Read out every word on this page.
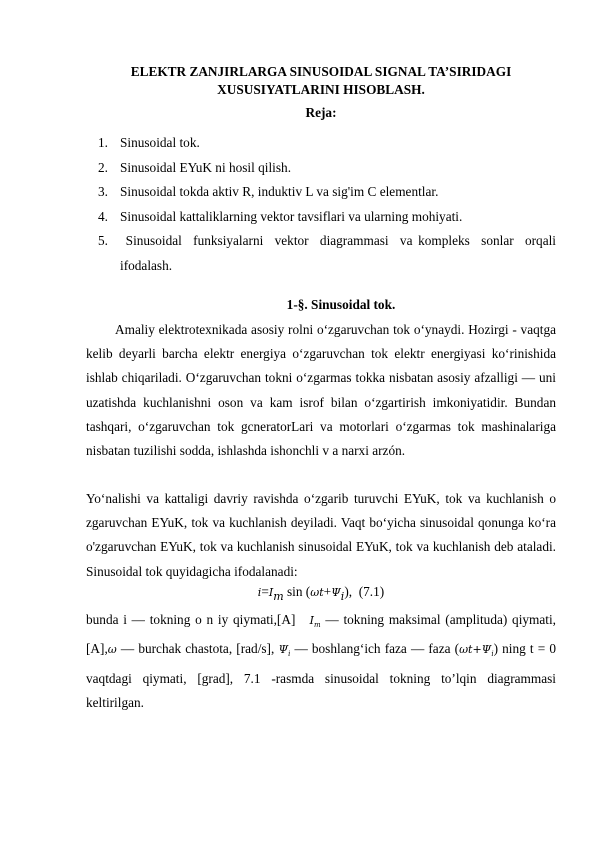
ELEKTR ZANJIRLARGA SINUSOIDAL SIGNAL TA’SIRIDAGI
XUSUSIYATLARINI HISOBLASH.
Reja:
1. Sinusoidal tok.
2. Sinusoidal EYuK ni hosil qilish.
3. Sinusoidal tokda aktiv R, induktiv L va sig'im C elementlar.
4. Sinusoidal kattaliklarning vektor tavsiflari va ularning mohiyati.
5. Sinusoidal  funksiyalarni  vektor  diagrammasi  va kompleks  sonlar  orqali
ifodalash.
1-§. Sinusoidal tok.

Amaliy elektrotexnikada asosiy rolni o‘zgaruvchan tok o‘ynaydi. Hozirgi - vaqtga kelib deyarli barcha elektr energiya o‘zgaruvchan tok elektr energiyasi ko‘rinishida ishlab chiqariladi. O‘zgaruvchan tokni o‘zgarmas tokka nisbatan asosiy afzalligi — uni uzatishda kuchlanishni oson va kam isrof bilan o‘zgartirish imkoniyatidir. Bundan tashqari, o‘zgaruvchan tok gcneratorLari va motorlari o‘zgarmas tok mashinalariga nisbatan tuzilishi sodda, ishlashda ishonchli v a narxi arzón.

Yo‘nalishi va kattaligi davriy ravishda o‘zgarib turuvchi EYuK, tok va kuchlanish o zgaruvchan EYuK, tok va kuchlanish deyiladi. Vaqt bo‘yicha sinusoidal qonunga ko‘ra o'zgaruvchan EYuK, tok va kuchlanish sinusoidal EYuK, tok va kuchlanish deb ataladi. Sinusoidal tok quyidagicha ifodalanadi:

$i=I_m$ $\sin (\omega t+\Psi_i)$,  (7.1)

bunda i — tokning o n iy qiymati,[A] $I_m$ — tokning maksimal (amplituda) qiymati, [A],ω — burchak chastota, [rad/s], $\Psi_i$ — boshlang‘ich faza — faza $(\omega t+\Psi_i)$ ning t = 0 vaqtdagi qiymati, [grad], 7.1 -rasmda sinusoidal tokning to’lqin diagrammasi keltirilgan.
